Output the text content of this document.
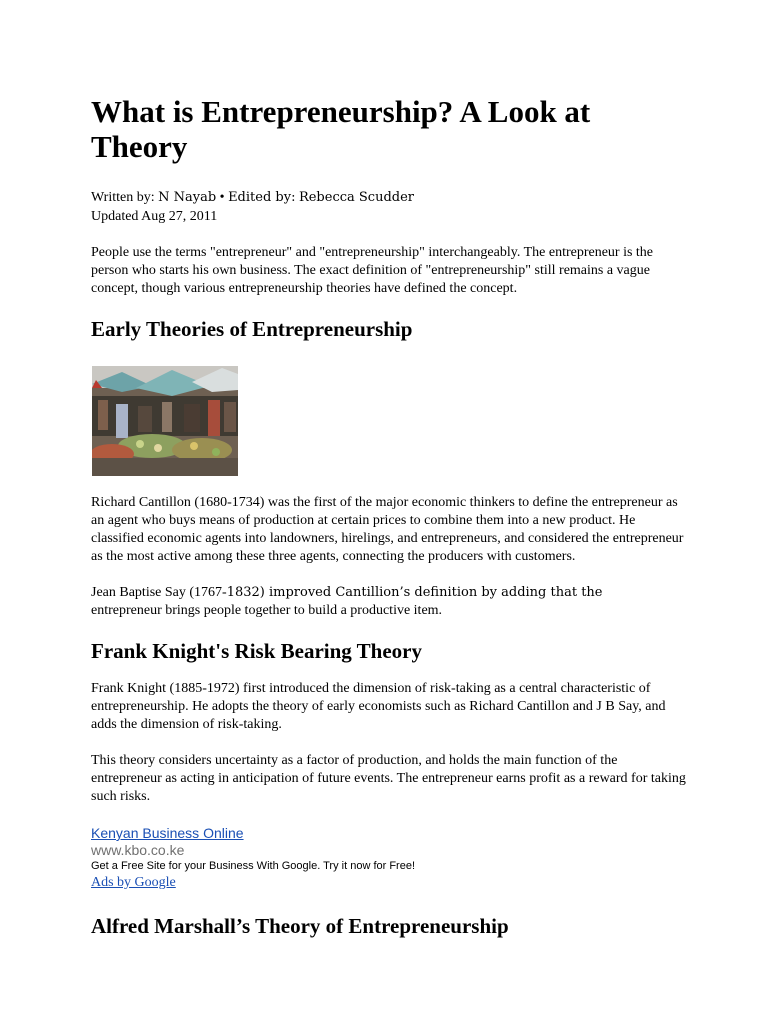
What is Entrepreneurship? A Look at Theory
Written by: N Nayab • Edited by: Rebecca Scudder
Updated Aug 27, 2011

People use the terms "entrepreneur" and "entrepreneurship" interchangeably. The entrepreneur is the person who starts his own business. The exact definition of "entrepreneurship" still remains a vague concept, though various entrepreneurship theories have defined the concept.

Early Theories of Entrepreneurship

Richard Cantillon (1680-1734) was the first of the major economic thinkers to define the entrepreneur as an agent who buys means of production at certain prices to combine them into a new product. He classified economic agents into landowners, hirelings, and entrepreneurs, and considered the entrepreneur as the most active among these three agents, connecting the producers with customers.

Jean Baptise Say (1767-1832) improved Cantillion’s definition by adding that the
entrepreneur brings people together to build a productive item.

Frank Knight's Risk Bearing Theory

Frank Knight (1885-1972) first introduced the dimension of risk-taking as a central characteristic of entrepreneurship. He adopts the theory of early economists such as Richard Cantillon and J B Say, and adds the dimension of risk-taking.

This theory considers uncertainty as a factor of production, and holds the main function of the entrepreneur as acting in anticipation of future events. The entrepreneur earns profit as a reward for taking such risks.

Kenyan Business Online
www.kbo.co.ke
Get a Free Site for your Business With Google. Try it now for Free!
Ads by Google
Alfred Marshall’s Theory of Entrepreneurship
